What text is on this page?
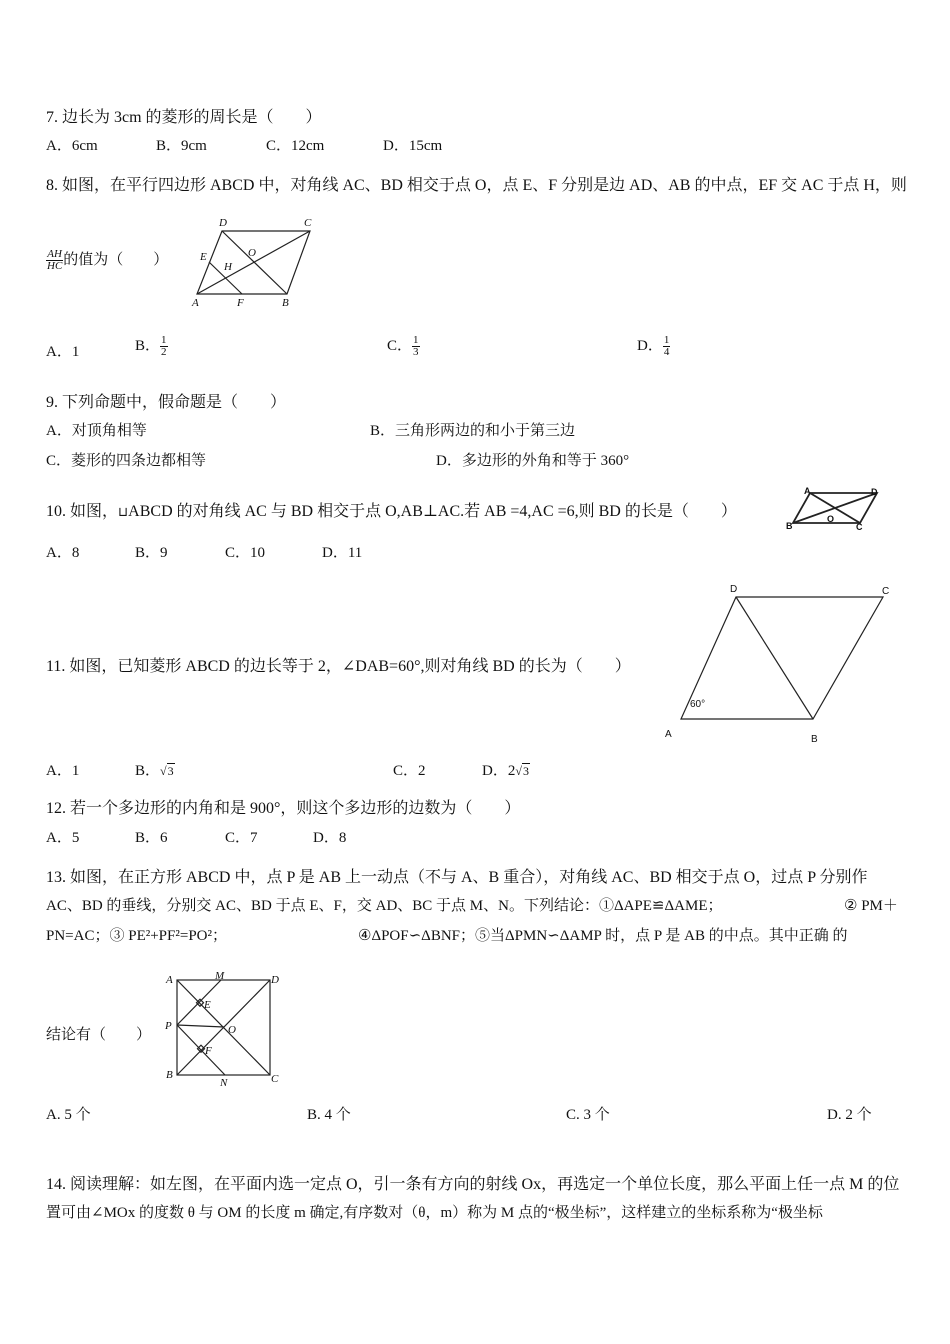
7. 边长为 3cm 的菱形的周长是（　　）
A．6cm	B．9cm	C．12cm	D．15cm
8. 如图，在平行四边形 ABCD 中，对角线 AC、BD 相交于点 O，点 E、F 分别是边 AD、AB 的中点，EF 交 AC 于点 H，则
$\frac{AH}{HC}$ 的值为（　　）
D	C
O
E
H
A	F	B
A．1	B． $\frac{1}{2}$	C． $\frac{1}{3}$	D． $\frac{1}{4}$
9. 下列命题中，假命题是（　　）
A．对顶角相等	B．三角形两边的和小于第三边
C．菱形的四条边都相等	D．多边形的外角和等于 360°
10. 如图，⊔ABCD 的对角线 AC 与 BD 相交于点 O,AB⊥AC.若 AB =4,AC =6,则 BD 的长是（　　）
A	D
B	C
O
A．8	B．9	C．10	D．11
11. 如图，已知菱形 ABCD 的边长等于 2，∠DAB=60°,则对角线 BD 的长为（　　）
D	C
A	B
60°
A．1	B．√3	C．2	D．2√3
12. 若一个多边形的内角和是 900°，则这个多边形的边数为（　　）
A．5	B．6	C．7	D．8
13. 如图，在正方形 ABCD 中，点 P 是 AB 上一动点（不与 A、B 重合），对角线 AC、BD 相交于点 O，过点 P 分别作
AC、BD 的垂线，分别交 AC、BD 于点 E、F，交 AD、BC 于点 M、N。下列结论：①ΔAPE≌ΔAME；	② PM＋
PN=AC；③ PE²+PF²=PO²；	④ΔPOF∽ΔBNF；⑤当ΔPMN∽ΔAMP 时，点 P 是 AB 的中点。其中正确 的
结论有（　　）
A	M	D
E
P	O
F
B
N	C
A. 5 个	B. 4 个	C. 3 个	D. 2 个
14. 阅读理解：如左图，在平面内选一定点 O，引一条有方向的射线 Ox，再选定一个单位长度，那么平面上任一点 M 的位
置可由∠MOx 的度数 θ 与 OM 的长度 m 确定,有序数对（θ，m）称为 M 点的“极坐标”，这样建立的坐标系称为“极坐标
